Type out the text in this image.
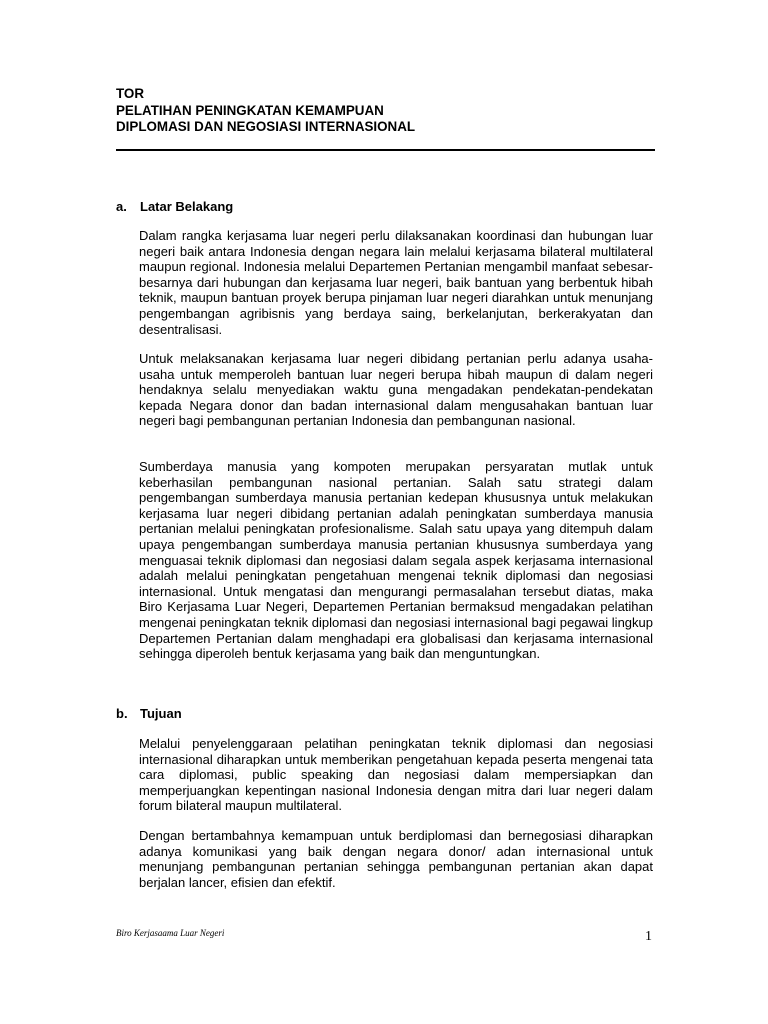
TOR
PELATIHAN PENINGKATAN KEMAMPUAN
DIPLOMASI DAN NEGOSIASI INTERNASIONAL
a. Latar Belakang

Dalam rangka kerjasama luar negeri perlu dilaksanakan koordinasi dan hubungan luar negeri baik antara Indonesia dengan negara lain melalui kerjasama bilateral multilateral maupun regional. Indonesia melalui Departemen Pertanian mengambil manfaat sebesar-besarnya dari hubungan dan kerjasama luar negeri, baik bantuan yang berbentuk hibah teknik, maupun bantuan proyek berupa pinjaman luar negeri diarahkan untuk menunjang pengembangan agribisnis yang berdaya saing, berkelanjutan, berkerakyatan dan desentralisasi.

Untuk melaksanakan kerjasama luar negeri dibidang pertanian perlu adanya usaha-usaha untuk memperoleh bantuan luar negeri berupa hibah maupun di dalam negeri hendaknya selalu menyediakan waktu guna mengadakan pendekatan-pendekatan kepada Negara donor dan badan internasional dalam mengusahakan bantuan luar negeri bagi pembangunan pertanian Indonesia dan pembangunan nasional.

Sumberdaya manusia yang kompoten merupakan persyaratan mutlak untuk keberhasilan pembangunan nasional pertanian. Salah satu strategi dalam pengembangan sumberdaya manusia pertanian kedepan khususnya untuk melakukan kerjasama luar negeri dibidang pertanian adalah peningkatan sumberdaya manusia pertanian melalui peningkatan profesionalisme. Salah satu upaya yang ditempuh dalam upaya pengembangan sumberdaya manusia pertanian khususnya sumberdaya yang menguasai teknik diplomasi dan negosiasi dalam segala aspek kerjasama internasional adalah melalui peningkatan pengetahuan mengenai teknik diplomasi dan negosiasi internasional. Untuk mengatasi dan mengurangi permasalahan tersebut diatas, maka Biro Kerjasama Luar Negeri, Departemen Pertanian bermaksud mengadakan pelatihan mengenai peningkatan teknik diplomasi dan negosiasi internasional bagi pegawai lingkup Departemen Pertanian dalam menghadapi era globalisasi dan kerjasama internasional sehingga diperoleh bentuk kerjasama yang baik dan menguntungkan.

b. Tujuan

Melalui penyelenggaraan pelatihan peningkatan teknik diplomasi dan negosiasi internasional diharapkan untuk memberikan pengetahuan kepada peserta mengenai tata cara diplomasi, public speaking dan negosiasi dalam mempersiapkan dan memperjuangkan kepentingan nasional Indonesia dengan mitra dari luar negeri dalam forum bilateral maupun multilateral.

Dengan bertambahnya kemampuan untuk berdiplomasi dan bernegosiasi diharapkan adanya komunikasi yang baik dengan negara donor/ adan internasional untuk menunjang pembangunan pertanian sehingga pembangunan pertanian akan dapat berjalan lancer, efisien dan efektif.

Biro Kerjasaama Luar Negeri	1
